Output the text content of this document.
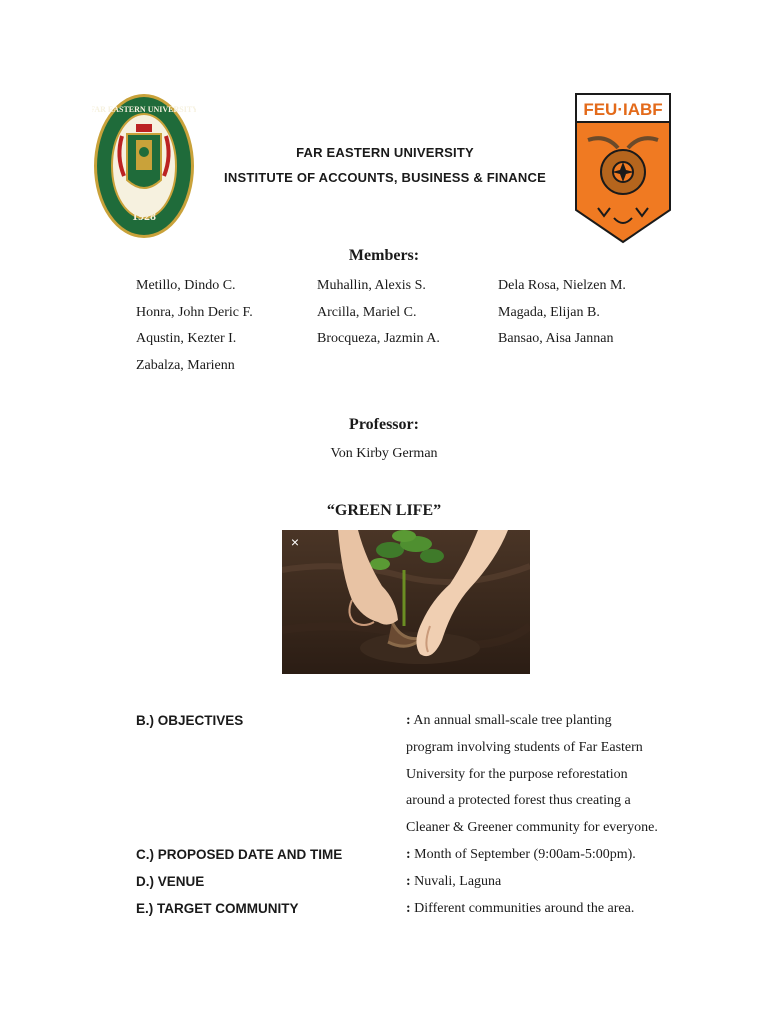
1928
FAR EASTERN UNIVERSITY	FEU·IABF
FAR EASTERN UNIVERSITY
INSTITUTE OF ACCOUNTS, BUSINESS & FINANCE
Members:
Metillo, Dindo C.	Muhallin, Alexis S.	Dela Rosa, Nielzen M.
Honra, John Deric F.	Arcilla, Mariel C.	Magada, Elijan B.
Aqustin, Kezter I.	Brocqueza, Jazmin A.	Bansao, Aisa Jannan
Zabalza, Marienn
Professor:
Von Kirby German
“GREEN LIFE”
×
B.) OBJECTIVES	: An annual small-scale tree planting
program involving students of Far Eastern
University for the purpose reforestation
around a protected forest thus creating a
Cleaner & Greener community for everyone.
C.) PROPOSED DATE AND TIME	: Month of September (9:00am-5:00pm).
D.) VENUE	: Nuvali, Laguna
E.) TARGET COMMUNITY	: Different communities around the area.
